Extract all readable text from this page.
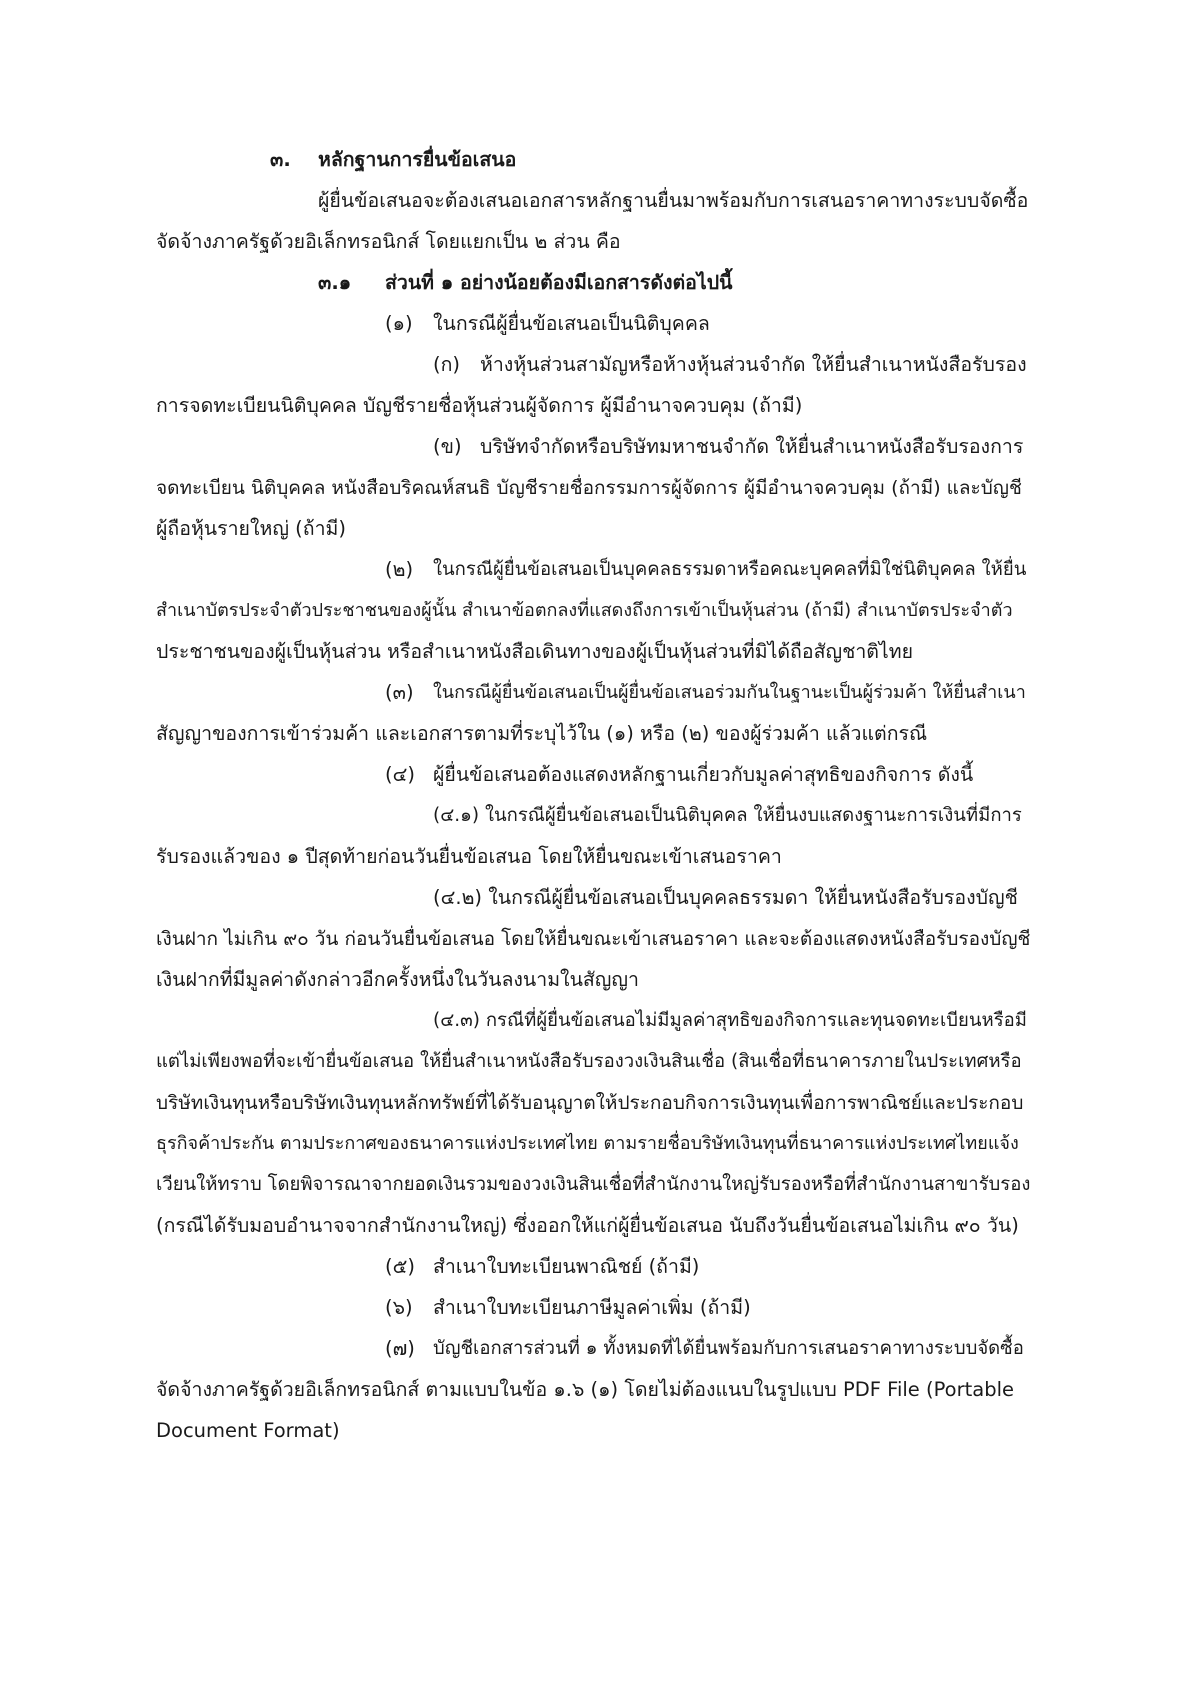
๓. หลักฐานการยื่นข้อเสนอ
ผู้ยื่นข้อเสนอจะต้องเสนอเอกสารหลักฐานยื่นมาพร้อมกับการเสนอราคาทางระบบจัดซื้อ
จัดจ้างภาครัฐด้วยอิเล็กทรอนิกส์ โดยแยกเป็น ๒ ส่วน คือ
๓.๑ ส่วนที่ ๑ อย่างน้อยต้องมีเอกสารดังต่อไปนี้
(๑) ในกรณีผู้ยื่นข้อเสนอเป็นนิติบุคคล
(ก) ห้างหุ้นส่วนสามัญหรือห้างหุ้นส่วนจำกัด ให้ยื่นสำเนาหนังสือรับรอง
การจดทะเบียนนิติบุคคล บัญชีรายชื่อหุ้นส่วนผู้จัดการ ผู้มีอำนาจควบคุม (ถ้ามี)
(ข) บริษัทจำกัดหรือบริษัทมหาชนจำกัด ให้ยื่นสำเนาหนังสือรับรองการ
จดทะเบียน นิติบุคคล หนังสือบริคณห์สนธิ บัญชีรายชื่อกรรมการผู้จัดการ ผู้มีอำนาจควบคุม (ถ้ามี) และบัญชี
ผู้ถือหุ้นรายใหญ่ (ถ้ามี)
(๒) ในกรณีผู้ยื่นข้อเสนอเป็นบุคคลธรรมดาหรือคณะบุคคลที่มิใช่นิติบุคคล ให้ยื่น
สำเนาบัตรประจำตัวประชาชนของผู้นั้น สำเนาข้อตกลงที่แสดงถึงการเข้าเป็นหุ้นส่วน (ถ้ามี) สำเนาบัตรประจำตัว
ประชาชนของผู้เป็นหุ้นส่วน หรือสำเนาหนังสือเดินทางของผู้เป็นหุ้นส่วนที่มิได้ถือสัญชาติไทย
(๓) ในกรณีผู้ยื่นข้อเสนอเป็นผู้ยื่นข้อเสนอร่วมกันในฐานะเป็นผู้ร่วมค้า ให้ยื่นสำเนา
สัญญาของการเข้าร่วมค้า และเอกสารตามที่ระบุไว้ใน (๑) หรือ (๒) ของผู้ร่วมค้า แล้วแต่กรณี
(๔) ผู้ยื่นข้อเสนอต้องแสดงหลักฐานเกี่ยวกับมูลค่าสุทธิของกิจการ ดังนี้
(๔.๑) ในกรณีผู้ยื่นข้อเสนอเป็นนิติบุคคล ให้ยื่นงบแสดงฐานะการเงินที่มีการ
รับรองแล้วของ ๑ ปีสุดท้ายก่อนวันยื่นข้อเสนอ โดยให้ยื่นขณะเข้าเสนอราคา
(๔.๒) ในกรณีผู้ยื่นข้อเสนอเป็นบุคคลธรรมดา ให้ยื่นหนังสือรับรองบัญชี
เงินฝาก ไม่เกิน ๙๐ วัน ก่อนวันยื่นข้อเสนอ โดยให้ยื่นขณะเข้าเสนอราคา และจะต้องแสดงหนังสือรับรองบัญชี
เงินฝากที่มีมูลค่าดังกล่าวอีกครั้งหนึ่งในวันลงนามในสัญญา
(๔.๓) กรณีที่ผู้ยื่นข้อเสนอไม่มีมูลค่าสุทธิของกิจการและทุนจดทะเบียนหรือมี
แต่ไม่เพียงพอที่จะเข้ายื่นข้อเสนอ ให้ยื่นสำเนาหนังสือรับรองวงเงินสินเชื่อ (สินเชื่อที่ธนาคารภายในประเทศหรือ
บริษัทเงินทุนหรือบริษัทเงินทุนหลักทรัพย์ที่ได้รับอนุญาตให้ประกอบกิจการเงินทุนเพื่อการพาณิชย์และประกอบ
ธุรกิจค้าประกัน ตามประกาศของธนาคารแห่งประเทศไทย ตามรายชื่อบริษัทเงินทุนที่ธนาคารแห่งประเทศไทยแจ้ง
เวียนให้ทราบ โดยพิจารณาจากยอดเงินรวมของวงเงินสินเชื่อที่สำนักงานใหญ่รับรองหรือที่สำนักงานสาขารับรอง
(กรณีได้รับมอบอำนาจจากสำนักงานใหญ่) ซึ่งออกให้แก่ผู้ยื่นข้อเสนอ นับถึงวันยื่นข้อเสนอไม่เกิน ๙๐ วัน)
(๕) สำเนาใบทะเบียนพาณิชย์ (ถ้ามี)
(๖) สำเนาใบทะเบียนภาษีมูลค่าเพิ่ม (ถ้ามี)
(๗) บัญชีเอกสารส่วนที่ ๑ ทั้งหมดที่ได้ยื่นพร้อมกับการเสนอราคาทางระบบจัดซื้อ
จัดจ้างภาครัฐด้วยอิเล็กทรอนิกส์ ตามแบบในข้อ ๑.๖ (๑) โดยไม่ต้องแนบในรูปแบบ PDF File (Portable
Document Format)
